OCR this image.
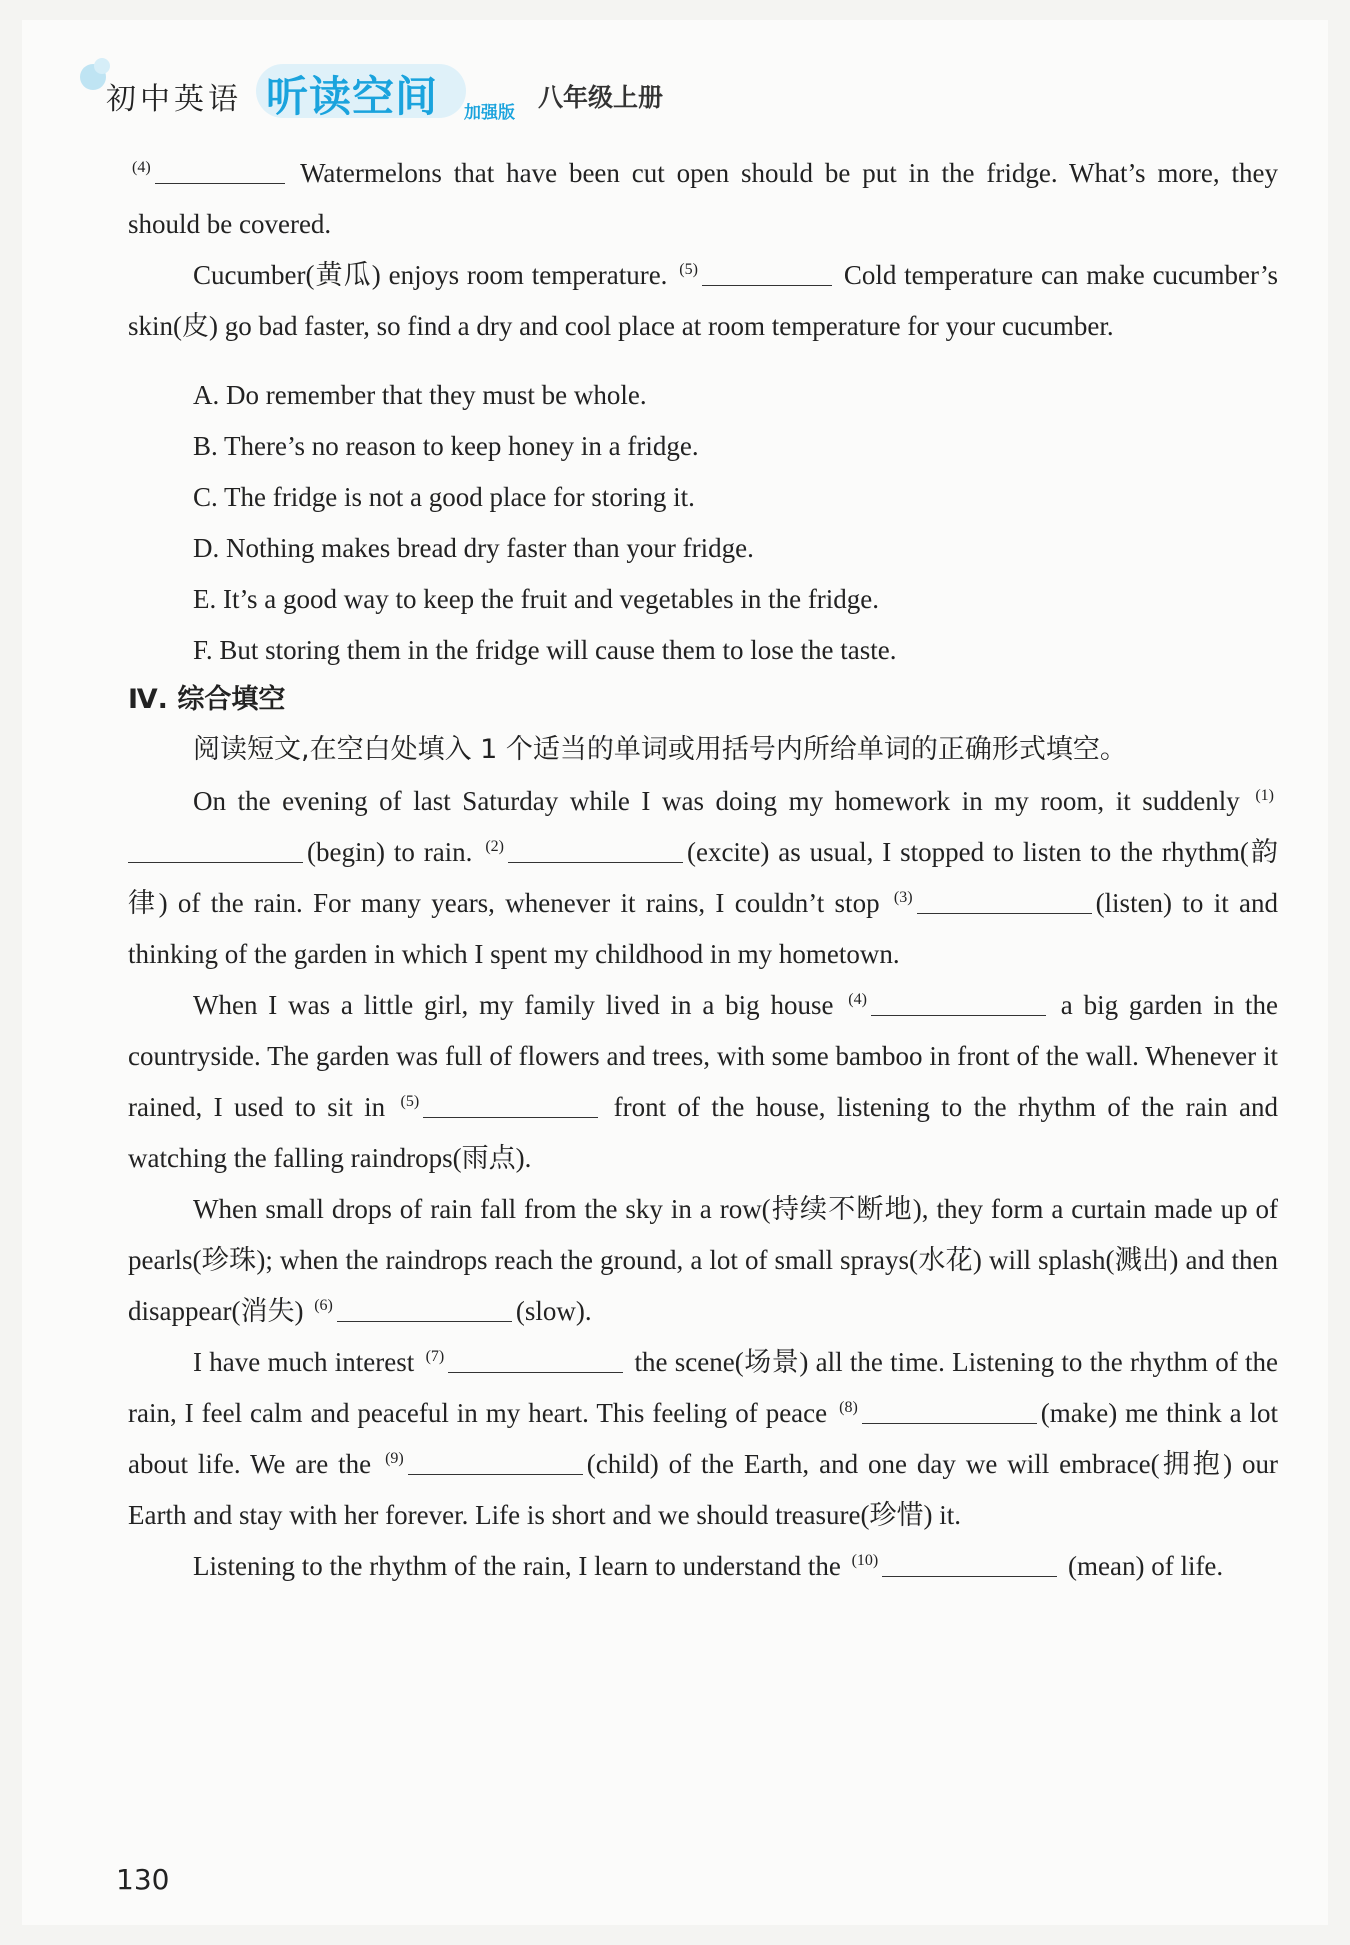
初中英语 听读空间 加强版
八年级上册

$^{(4)}$	Watermelons that have been cut open should be put in the fridge. What’s more, they should be covered.

Cucumber(黄瓜) enjoys room temperature. $^{(5)}$	Cold temperature can make cucumber’s skin(皮) go bad faster, so find a dry and cool place at room temperature for your cucumber.

A. Do remember that they must be whole.

B. There’s no reason to keep honey in a fridge.

C. The fridge is not a good place for storing it.

D. Nothing makes bread dry faster than your fridge.

E. It’s a good way to keep the fruit and vegetables in the fridge.

F. But storing them in the fridge will cause them to lose the taste.

Ⅳ. 综合填空

阅读短文,在空白处填入 1 个适当的单词或用括号内所给单词的正确形式填空。

On the evening of last Saturday while I was doing my homework in my room, it suddenly $^{(1)}$(begin) to rain. $^{(2)}$	(excite) as usual, I stopped to listen to the rhythm(韵律) of the rain. For many years, whenever it rains, I couldn’t stop $^{(3)}$	(listen) to it and thinking of the garden in which I spent my childhood in my hometown.

When I was a little girl, my family lived in a big house $^{(4)}$	a big garden in the countryside. The garden was full of flowers and trees, with some bamboo in front of the wall. Whenever it rained, I used to sit in $^{(5)}$	front of the house, listening to the rhythm of the rain and watching the falling raindrops(雨点).

When small drops of rain fall from the sky in a row(持续不断地), they form a curtain made up of pearls(珍珠); when the raindrops reach the ground, a lot of small sprays(水花) will splash(溅出) and then disappear(消失) $^{(6)}$	(slow).

I have much interest $^{(7)}$	the scene(场景) all the time. Listening to the rhythm of the rain, I feel calm and peaceful in my heart. This feeling of peace $^{(8)}$	(make) me think a lot about life. We are the $^{(9)}$	(child) of the Earth, and one day we will embrace(拥抱) our Earth and stay with her forever. Life is short and we should treasure(珍惜) it.

Listening to the rhythm of the rain, I learn to understand the $^{(10)}$	(mean) of life.

130
